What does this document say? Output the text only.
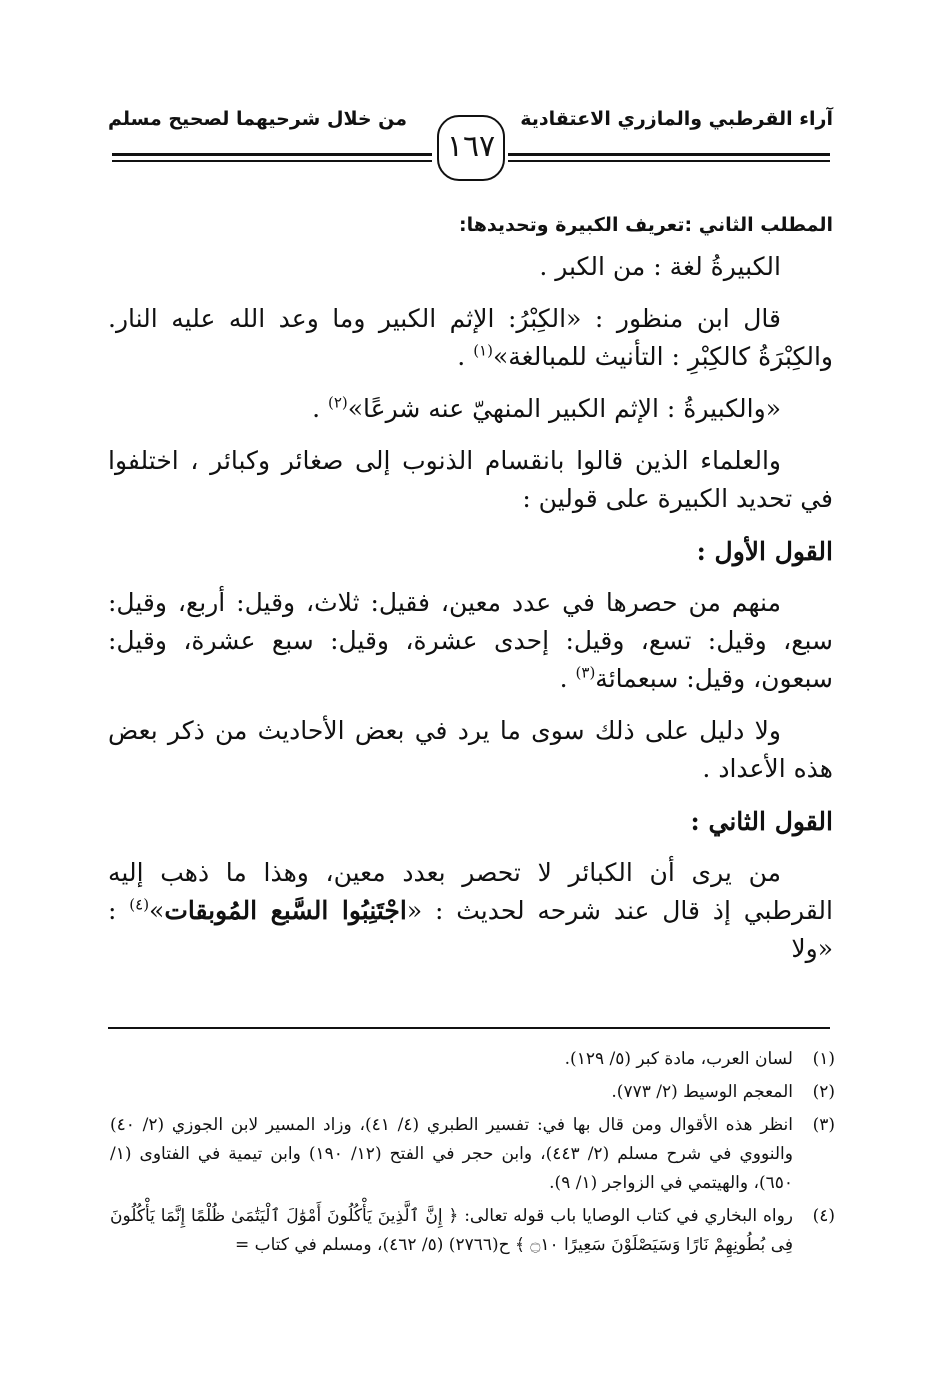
آراء القرطبي والمازري الاعتقادية
من خلال شرحيهما لصحيح مسلم
١٦٧
المطلب الثاني :تعريف الكبيرة وتحديدها:

الكبيرةُ لغة : من الكبر .

قال ابن منظور : «الكِبْرُ: الإثم الكبير وما وعد الله عليه النار. والكِبْرَةُ كالكِبْرِ : التأنيث للمبالغة»$^{(١)}$ .

«والكبيرةُ : الإثم الكبير المنهيّ عنه شرعًا»$^{(٢)}$ .

والعلماء الذين قالوا بانقسام الذنوب إلى صغائر وكبائر ، اختلفوا في تحديد الكبيرة على قولين :

القول الأول :

منهم من حصرها في عدد معين، فقيل: ثلاث، وقيل: أربع، وقيل: سبع، وقيل: تسع، وقيل: إحدى عشرة، وقيل: سبع عشرة، وقيل: سبعون، وقيل: سبعمائة$^{(٣)}$ .

ولا دليل على ذلك سوى ما يرد في بعض الأحاديث من ذكر بعض هذه الأعداد .

القول الثاني :

من يرى أن الكبائر لا تحصر بعدد معين، وهذا ما ذهب إليه القرطبي إذ قال عند شرحه لحديث : «اجْتَنِبُوا السَّبع المُوبقات»$^{(٤)}$ : «ولا

(١)
لسان العرب، مادة كبر (٥/ ١٢٩).
(٢)
المعجم الوسيط (٢/ ٧٧٣).
(٣)
انظر هذه الأقوال ومن قال بها في: تفسير الطبري (٤/ ٤١)، وزاد المسير لابن الجوزي (٢/ ٤٠) والنووي في شرح مسلم (٢/ ٤٤٣)، وابن حجر في الفتح (١٢/ ١٩٠) وابن تيمية في الفتاوى (١/ ٦٥٠)، والهيتمي في الزواجر (١/ ٩).
(٤)
رواه البخاري في كتاب الوصايا باب قوله تعالى: ﴿ إِنَّ ٱلَّذِينَ يَأْكُلُونَ أَمْوَٰلَ ٱلْيَتَٰمَىٰ ظُلْمًا إِنَّمَا يَأْكُلُونَ فِى بُطُونِهِمْ نَارًا وَسَيَصْلَوْنَ سَعِيرًا ۝١٠ ﴾ ح(٢٧٦٦) (٥/ ٤٦٢)، ومسلم في كتاب =
